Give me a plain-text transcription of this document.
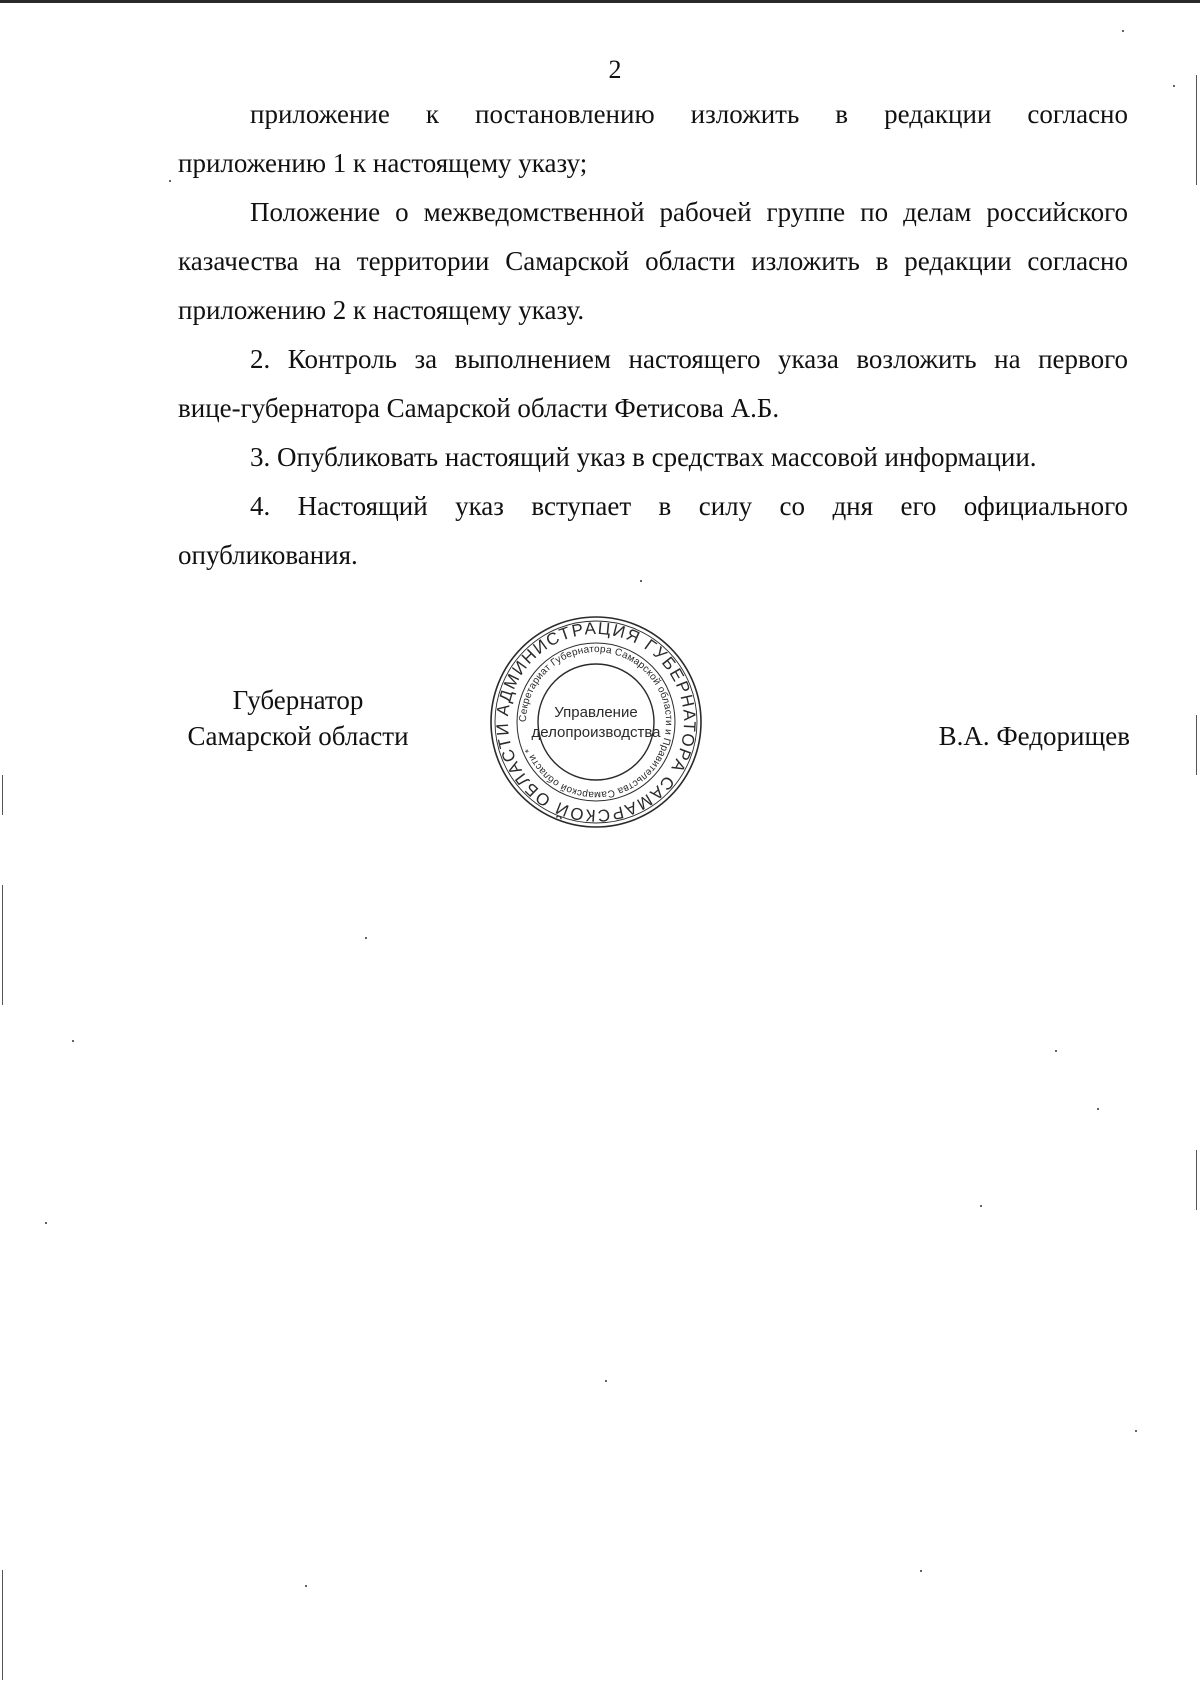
2

приложение к постановлению изложить в редакции согласно

приложению 1 к настоящему указу;

Положение о межведомственной рабочей группе по делам российского

казачества на территории Самарской области изложить в редакции согласно

приложению 2 к настоящему указу.

2. Контроль за выполнением настоящего указа возложить на первого

вице-губернатора Самарской области Фетисова А.Б.

3. Опубликовать настоящий указ в средствах массовой информации.

4. Настоящий указ вступает в силу со дня его официального

опубликования.

Губернатор
Самарской области	В.А. Федорищев
АДМИНИСТРАЦИЯ ГУБЕРНАТОРА САМАРСКОЙ ОБЛАСТИ
Секретариат Губернатора Самарской области и Правительства Самарской области *
Управление
делопроизводства
